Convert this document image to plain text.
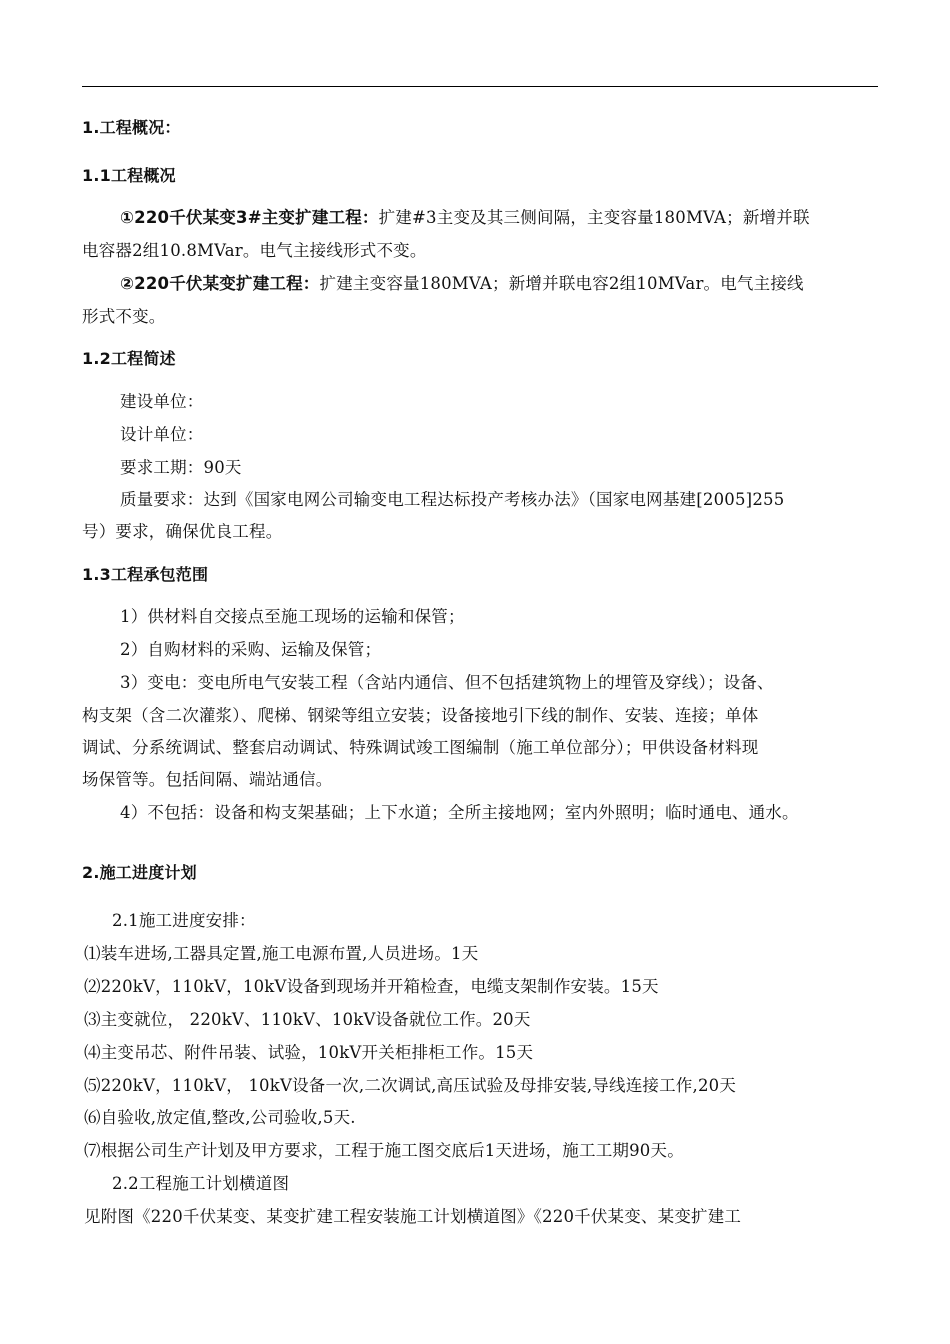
1.工程概况：
1.1工程概况
①220千伏某变3#主变扩建工程：扩建#3主变及其三侧间隔，主变容量180MVA；新增并联
电容器2组10.8MVar。电气主接线形式不变。
②220千伏某变扩建工程：扩建主变容量180MVA；新增并联电容2组10MVar。电气主接线
形式不变。
1.2工程简述
建设单位：
设计单位：
要求工期：90天
质量要求：达到《国家电网公司输变电工程达标投产考核办法》（国家电网基建[2005]255
号）要求，确保优良工程。
1.3工程承包范围
1）供材料自交接点至施工现场的运输和保管；
2）自购材料的采购、运输及保管；
3）变电：变电所电气安装工程（含站内通信、但不包括建筑物上的埋管及穿线）；设备、
构支架（含二次灌浆）、爬梯、钢梁等组立安装；设备接地引下线的制作、安装、连接；单体
调试、分系统调试、整套启动调试、特殊调试竣工图编制（施工单位部分）；甲供设备材料现
场保管等。包括间隔、端站通信。
4）不包括：设备和构支架基础；上下水道；全所主接地网；室内外照明；临时通电、通水。
2.施工进度计划
2.1施工进度安排：
⑴装车进场,工器具定置,施工电源布置,人员进场。1天
⑵220kV，110kV，10kV设备到现场并开箱检查，电缆支架制作安装。15天
⑶主变就位， 220kV、110kV、10kV设备就位工作。20天
⑷主变吊芯、附件吊装、试验，10kV开关柜排柜工作。15天
⑸220kV，110kV， 10kV设备一次,二次调试,高压试验及母排安装,导线连接工作,20天
⑹自验收,放定值,整改,公司验收,5天.
⑺根据公司生产计划及甲方要求，工程于施工图交底后1天进场，施工工期90天。
2.2工程施工计划横道图
见附图《220千伏某变、某变扩建工程安装施工计划横道图》《220千伏某变、某变扩建工
